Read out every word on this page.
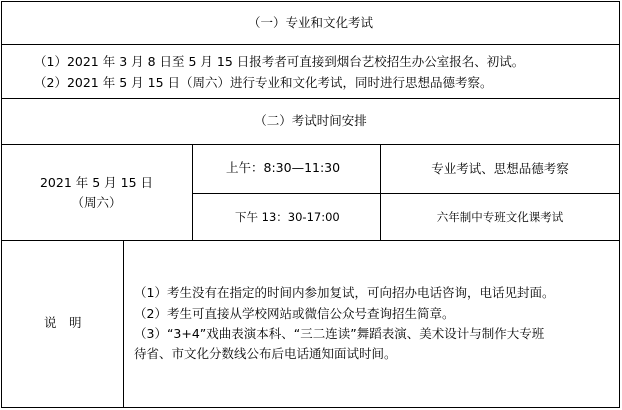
（一）专业和文化考试
（1）2021 年 3 月 8 日至 5 月 15 日报考者可直接到烟台艺校招生办公室报名、初试。
（2）2021 年 5 月 15 日（周六）进行专业和文化考试，同时进行思想品德考察。
（二）考试时间安排
2021 年 5 月 15 日
（周六）
上午：8:30—11:30	专业考试、思想品德考察
下午 13：30-17:00	六年制中专班文化课考试
说　明
（1）考生没有在指定的时间内参加复试，可向招办电话咨询，电话见封面。
（2）考生可直接从学校网站或微信公众号查询招生简章。
（3）“3+4”戏曲表演本科、“三二连读”舞蹈表演、美术设计与制作大专班
待省、市文化分数线公布后电话通知面试时间。
